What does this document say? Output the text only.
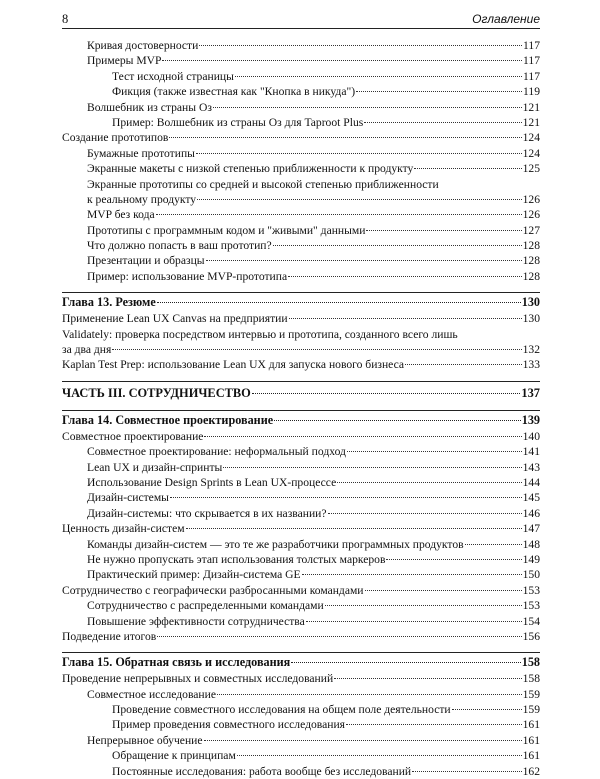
8	Оглавление
Кривая достоверности	117
Примеры MVP	117
Тест исходной страницы	117
Фикция (также известная как "Кнопка в никуда")	119
Волшебник из страны Оз	121
Пример: Волшебник из страны Оз для Taproot Plus	121
Создание прототипов	124
Бумажные прототипы	124
Экранные макеты с низкой степенью приближенности к продукту	125
Экранные прототипы со средней и высокой степенью приближенности
к реальному продукту	126
MVP без кода	126
Прототипы с программным кодом и "живыми" данными	127
Что должно попасть в ваш прототип?	128
Презентации и образцы	128
Пример: использование MVP-прототипа	128
Глава 13. Резюме	130
Применение Lean UX Canvas на предприятии	130
Validately: проверка посредством интервью и прототипа, созданного всего лишь
за два дня	132
Kaplan Test Prep: использование Lean UX для запуска нового бизнеса	133
ЧАСТЬ III. СОТРУДНИЧЕСТВО	137
Глава 14. Совместное проектирование	139
Совместное проектирование	140
Совместное проектирование: неформальный подход	141
Lean UX и дизайн-спринты	143
Использование Design Sprints в Lean UX-процессе	144
Дизайн-системы	145
Дизайн-системы: что скрывается в их названии?	146
Ценность дизайн-систем	147
Команды дизайн-систем — это те же разработчики программных продуктов	148
Не нужно пропускать этап использования толстых маркеров	149
Практический пример: Дизайн-система GE	150
Сотрудничество с географически разбросанными командами	153
Сотрудничество с распределенными командами	153
Повышение эффективности сотрудничества	154
Подведение итогов	156
Глава 15. Обратная связь и исследования	158
Проведение непрерывных и совместных исследований	158
Совместное исследование	159
Проведение совместного исследования на общем поле деятельности	159
Пример проведения совместного исследования	161
Непрерывное обучение	161
Обращение к принципам	161
Постоянные исследования: работа вообще без исследований	162
